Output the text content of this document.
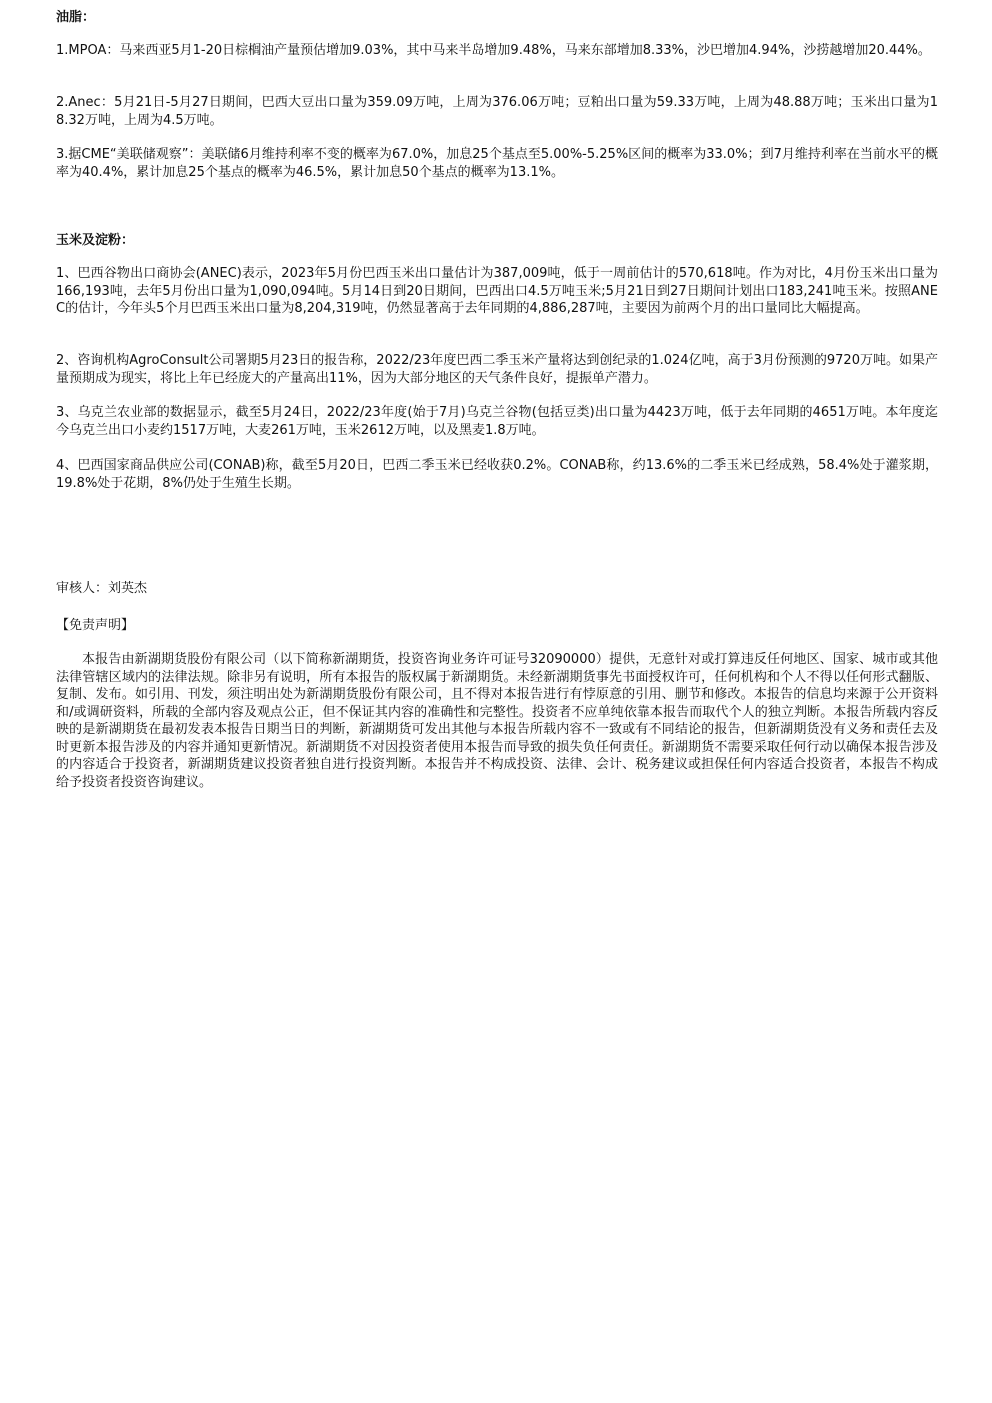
油脂：

1.MPOA：马来西亚5月1-20日棕榈油产量预估增加9.03%，其中马来半岛增加9.48%，马来东部增加8.33%，沙巴增加4.94%，沙捞越增加20.44%。

2.Anec：5月21日-5月27日期间，巴西大豆出口量为359.09万吨，上周为376.06万吨；豆粕出口量为59.33万吨，上周为48.88万吨；玉米出口量为18.32万吨，上周为4.5万吨。

3.据CME“美联储观察”：美联储6月维持利率不变的概率为67.0%，加息25个基点至5.00%-5.25%区间的概率为33.0%；到7月维持利率在当前水平的概率为40.4%，累计加息25个基点的概率为46.5%，累计加息50个基点的概率为13.1%。

玉米及淀粉：

1、巴西谷物出口商协会(ANEC)表示，2023年5月份巴西玉米出口量估计为387,009吨，低于一周前估计的570,618吨。作为对比，4月份玉米出口量为166,193吨，去年5月份出口量为1,090,094吨。5月14日到20日期间，巴西出口4.5万吨玉米;5月21日到27日期间计划出口183,241吨玉米。按照ANEC的估计，今年头5个月巴西玉米出口量为8,204,319吨，仍然显著高于去年同期的4,886,287吨，主要因为前两个月的出口量同比大幅提高。

2、咨询机构AgroConsult公司署期5月23日的报告称，2022/23年度巴西二季玉米产量将达到创纪录的1.024亿吨，高于3月份预测的9720万吨。如果产量预期成为现实，将比上年已经庞大的产量高出11%，因为大部分地区的天气条件良好，提振单产潜力。

3、乌克兰农业部的数据显示，截至5月24日，2022/23年度(始于7月)乌克兰谷物(包括豆类)出口量为4423万吨，低于去年同期的4651万吨。本年度迄今乌克兰出口小麦约1517万吨，大麦261万吨，玉米2612万吨，以及黑麦1.8万吨。

4、巴西国家商品供应公司(CONAB)称，截至5月20日，巴西二季玉米已经收获0.2%。CONAB称，约13.6%的二季玉米已经成熟，58.4%处于灌浆期，19.8%处于花期，8%仍处于生殖生长期。

审核人：刘英杰
【免责声明】

本报告由新湖期货股份有限公司（以下简称新湖期货，投资咨询业务许可证号32090000）提供，无意针对或打算违反任何地区、国家、城市或其他法律管辖区域内的法律法规。除非另有说明，所有本报告的版权属于新湖期货。未经新湖期货事先书面授权许可，任何机构和个人不得以任何形式翻版、复制、发布。如引用、刊发，须注明出处为新湖期货股份有限公司，且不得对本报告进行有悖原意的引用、删节和修改。本报告的信息均来源于公开资料和/或调研资料，所载的全部内容及观点公正，但不保证其内容的准确性和完整性。投资者不应单纯依靠本报告而取代个人的独立判断。本报告所载内容反映的是新湖期货在最初发表本报告日期当日的判断，新湖期货可发出其他与本报告所载内容不一致或有不同结论的报告，但新湖期货没有义务和责任去及时更新本报告涉及的内容并通知更新情况。新湖期货不对因投资者使用本报告而导致的损失负任何责任。新湖期货不需要采取任何行动以确保本报告涉及的内容适合于投资者，新湖期货建议投资者独自进行投资判断。本报告并不构成投资、法律、会计、税务建议或担保任何内容适合投资者，本报告不构成给予投资者投资咨询建议。
